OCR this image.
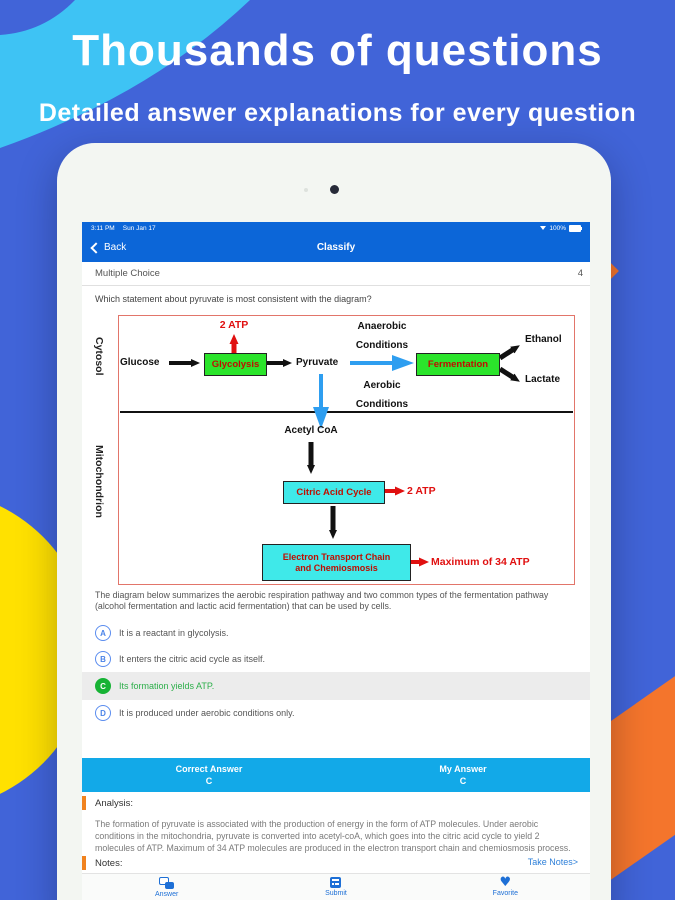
Thousands of questions
Detailed answer explanations for every question
3:11 PM Sun Jan 17	100%
Back	Classify
Multiple Choice	4
Which statement about pyruvate is most consistent with the diagram?
Cytosol
Mitochondrion
2 ATP
Glucose	Glycolysis	Pyruvate
Anaerobic
Conditions
Fermentation
Ethanol
Lactate
Aerobic
Conditions
Acetyl CoA
Citric Acid Cycle	2 ATP
Electron Transport Chain
and Chemiosmosis	Maximum of 34 ATP
The diagram below summarizes the aerobic respiration pathway and two common types of the fermentation pathway (alcohol fermentation and lactic acid fermentation) that can be used by cells.
A	It is a reactant in glycolysis.
B	It enters the citric acid cycle as itself.
C	Its formation yields ATP.
D	It is produced under aerobic conditions only.
Correct Answer
C
My Answer
C
Analysis:
The formation of pyruvate is associated with the production of energy in the form of ATP molecules. Under aerobic conditions in the mitochondria, pyruvate is converted into acetyl-coA, which goes into the citric acid cycle to yield 2 molecules of ATP. Maximum of 34 ATP molecules are produced in the electron transport chain and chemiosmosis process.
Notes:	Take Notes>
Answer	Submit
♥	Favorite
